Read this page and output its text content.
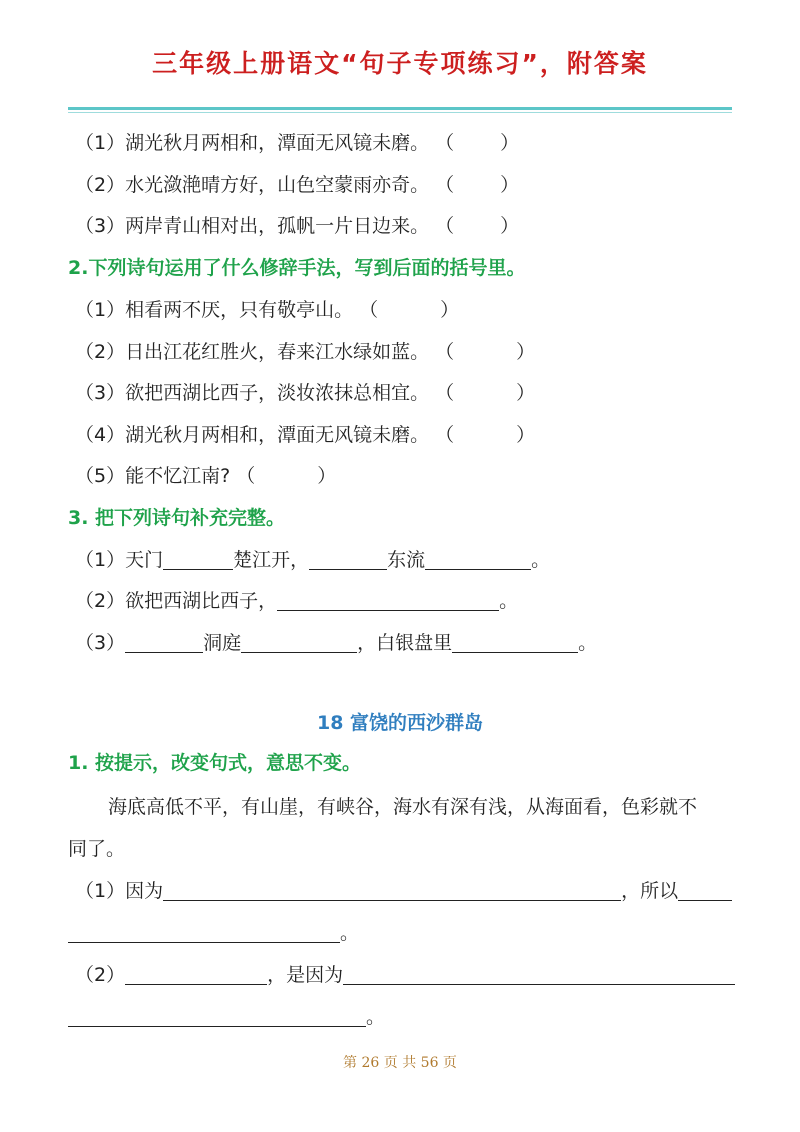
三年级上册语文“句子专项练习”，附答案
（1）湖光秋月两相和，潭面无风镜未磨。 （ ）
（2）水光潋滟晴方好，山色空蒙雨亦奇。 （ ）
（3）两岸青山相对出，孤帆一片日边来。 （ ）
2.下列诗句运用了什么修辞手法，写到后面的括号里。
（1）相看两不厌，只有敬亭山。 （	）
（2）日出江花红胜火，春来江水绿如蓝。 （	）
（3）欲把西湖比西子，淡妆浓抹总相宜。 （	）
（4）湖光秋月两相和，潭面无风镜未磨。 （	）
（5）能不忆江南? （	）
3. 把下列诗句补充完整。
（1）天门	楚江开，	东流	。
（2）欲把西湖比西子，	。
（3）	洞庭	，白银盘里	。
18 富饶的西沙群岛
1. 按提示，改变句式，意思不变。
海底高低不平，有山崖，有峡谷，海水有深有浅，从海面看，色彩就不
同了。
（1）因为	，所以
。
（2）	，是因为
。
第 26 页 共 56 页
